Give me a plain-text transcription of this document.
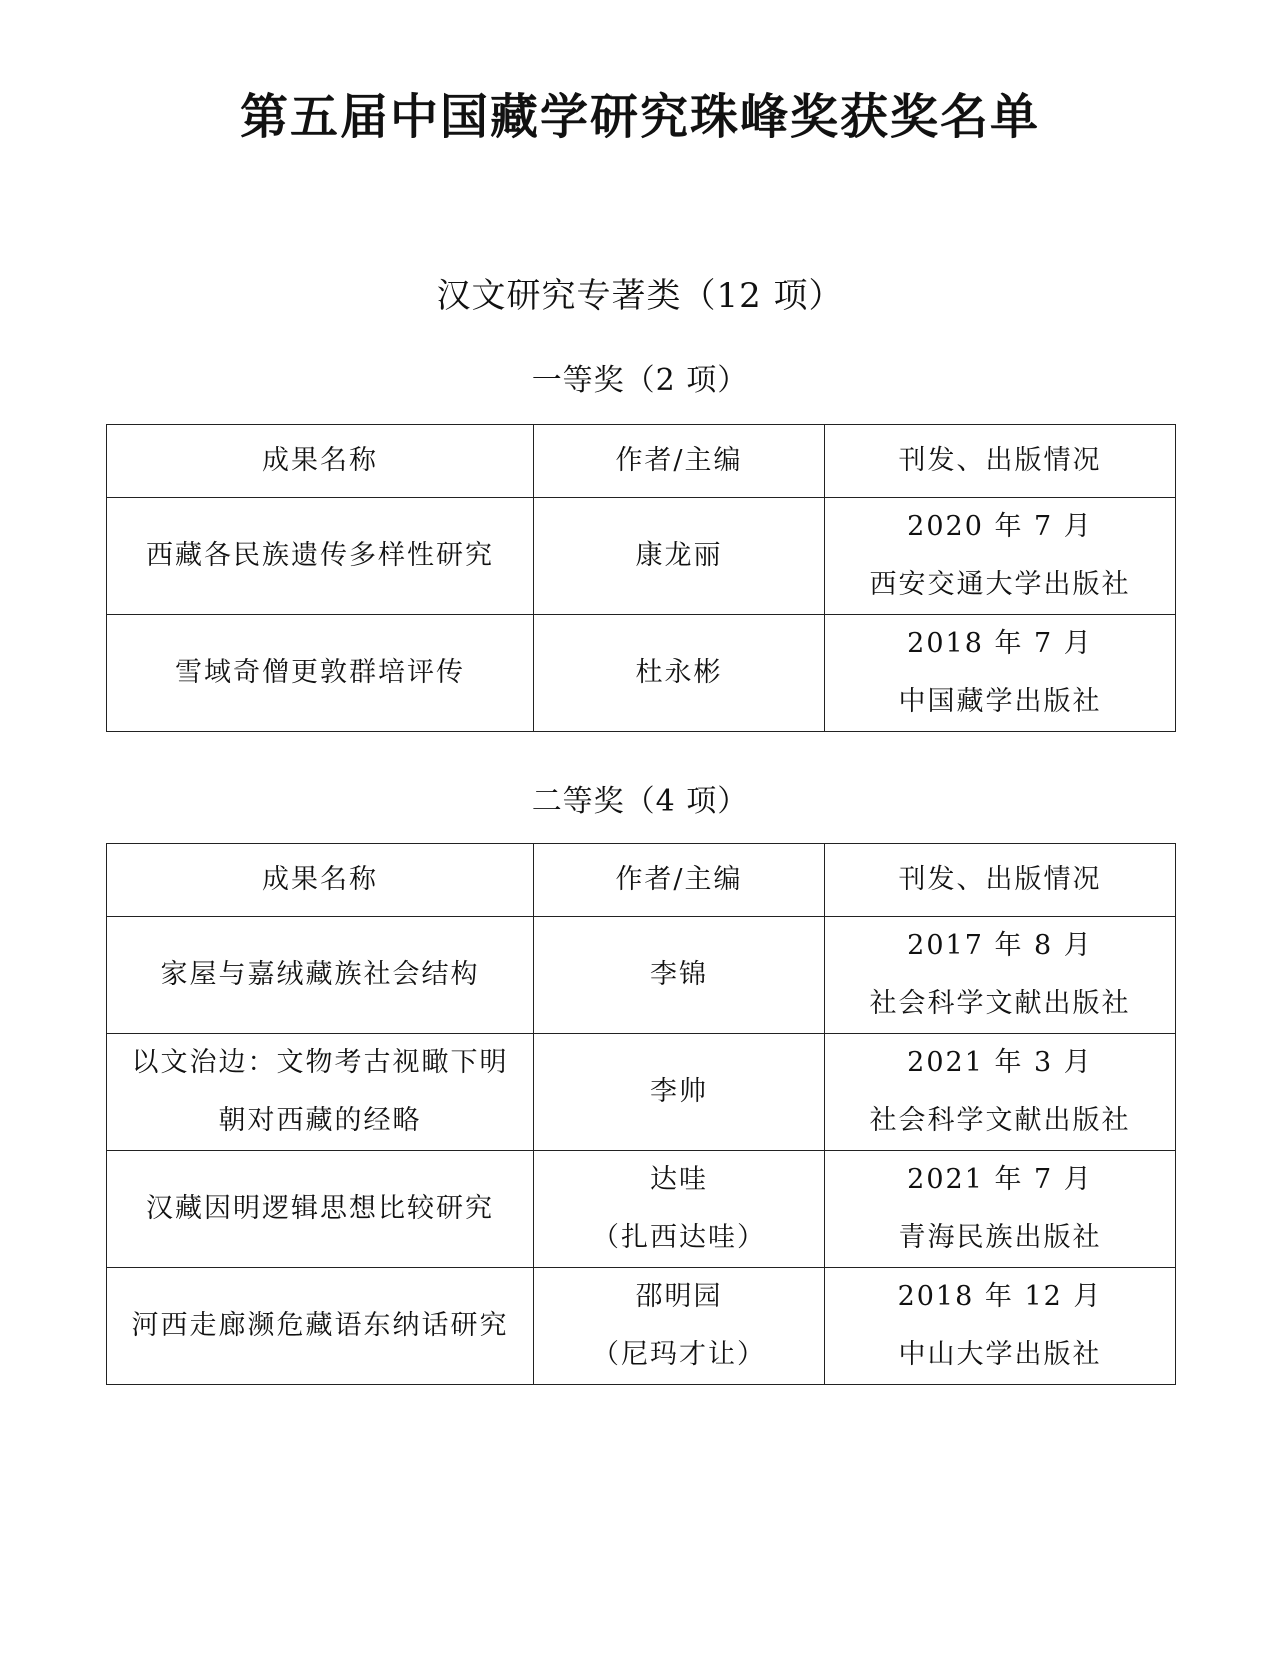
第五届中国藏学研究珠峰奖获奖名单
汉文研究专著类（12 项）
一等奖（2 项）
成果名称	作者/主编	刊发、出版情况

西藏各民族遗传多样性研究	康龙丽	2020 年 7 月
西安交通大学出版社

雪域奇僧更敦群培评传	杜永彬	2018 年 7 月
中国藏学出版社
二等奖（4 项）
成果名称	作者/主编	刊发、出版情况

家屋与嘉绒藏族社会结构	李锦	2017 年 8 月
社会科学文献出版社

以文治边：文物考古视瞰下明
朝对西藏的经略	李帅	2021 年 3 月
社会科学文献出版社

汉藏因明逻辑思想比较研究	达哇
（扎西达哇）	2021 年 7 月
青海民族出版社

河西走廊濒危藏语东纳话研究	邵明园
（尼玛才让）	2018 年 12 月
中山大学出版社
